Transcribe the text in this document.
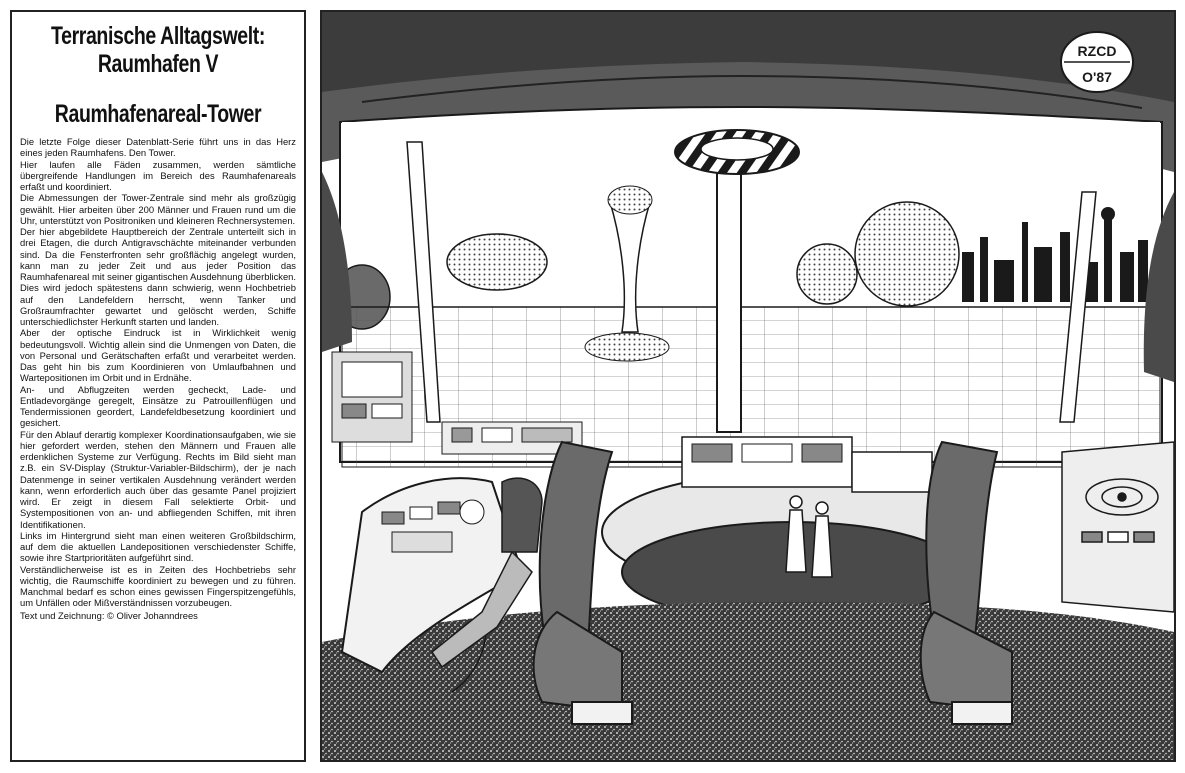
Terranische Alltagswelt:
Raumhafen V
Raumhafenareal-Tower

Die letzte Folge dieser Datenblatt-Serie führt uns in das Herz eines jeden Raumhafens. Den Tower.

Hier laufen alle Fäden zusammen, werden sämtliche übergreifende Handlungen im Bereich des Raumhafenareals erfaßt und koordiniert.

Die Abmessungen der Tower-Zentrale sind mehr als großzügig gewählt. Hier arbeiten über 200 Männer und Frauen rund um die Uhr, unterstützt von Positroniken und kleineren Rechnersystemen.

Der hier abgebildete Hauptbereich der Zentrale unterteilt sich in drei Etagen, die durch Antigravschächte miteinander verbunden sind. Da die Fensterfronten sehr großflächig angelegt wurden, kann man zu jeder Zeit und aus jeder Position das Raumhafenareal mit seiner gigantischen Ausdehnung überblicken. Dies wird jedoch spätestens dann schwierig, wenn Hochbetrieb auf den Landefeldern herrscht, wenn Tanker und Großraumfrachter gewartet und gelöscht werden, Schiffe unterschiedlichster Herkunft starten und landen.

Aber der optische Eindruck ist in Wirklichkeit wenig bedeutungsvoll. Wichtig allein sind die Unmengen von Daten, die von Personal und Gerätschaften erfaßt und verarbeitet werden. Das geht hin bis zum Koordinieren von Umlaufbahnen und Wartepositionen im Orbit und in Erdnähe.

An- und Abflugzeiten werden gecheckt, Lade- und Entladevorgänge geregelt, Einsätze zu Patrouillenflügen und Tendermissionen geordert, Landefeldbesetzung koordiniert und gesichert.

Für den Ablauf derartig komplexer Koordinationsaufgaben, wie sie hier gefordert werden, stehen den Männern und Frauen alle erdenklichen Systeme zur Verfügung. Rechts im Bild sieht man z.B. ein SV-Display (Struktur-Variabler-Bildschirm), der je nach Datenmenge in seiner vertikalen Ausdehnung verändert werden kann, wenn erforderlich auch über das gesamte Panel projiziert wird. Er zeigt in diesem Fall selektierte Orbit- und Systempositionen von an- und abfliegenden Schiffen, mit ihren Identifikationen.

Links im Hintergrund sieht man einen weiteren Großbildschirm, auf dem die aktuellen Landepositionen verschiedenster Schiffe, sowie ihre Startprioritäten aufgeführt sind.

Verständlicherweise ist es in Zeiten des Hochbetriebs sehr wichtig, die Raumschiffe koordiniert zu bewegen und zu führen. Manchmal bedarf es schon eines gewissen Fingerspitzengefühls, um Unfällen oder Mißverständnissen vorzubeugen.

Text und Zeichnung: © Oliver Johanndrees
RZCD
O'87
